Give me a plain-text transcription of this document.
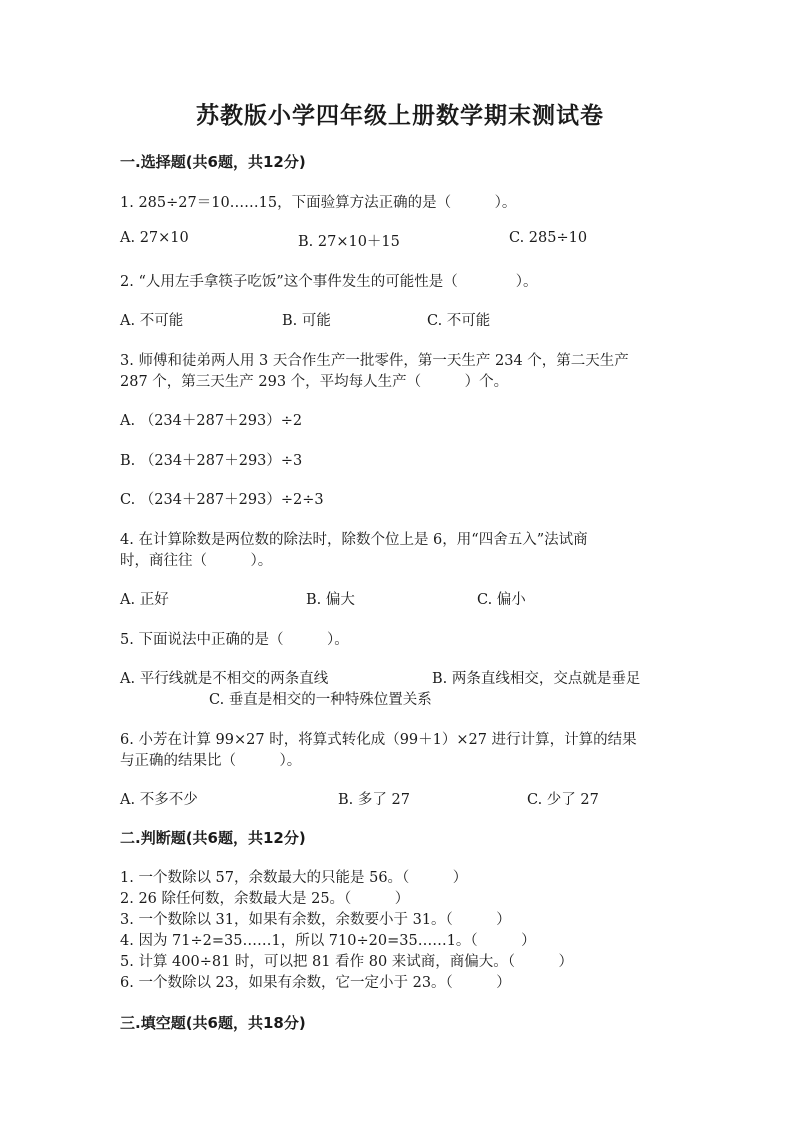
苏教版小学四年级上册数学期末测试卷
一.选择题(共6题，共12分)
1. 285÷27＝10……15，下面验算方法正确的是（　　　）。
A. 27×10	B. 27×10＋15	C. 285÷10
2. “人用左手拿筷子吃饭”这个事件发生的可能性是（　　　　）。
A. 不可能	B. 可能	C. 不可能
3. 师傅和徒弟两人用 3 天合作生产一批零件，第一天生产 234 个，第二天生产
287 个，第三天生产 293 个，平均每人生产（　　　）个。
A. （234＋287＋293）÷2
B. （234＋287＋293）÷3
C. （234＋287＋293）÷2÷3
4. 在计算除数是两位数的除法时，除数个位上是 6，用“四舍五入”法试商
时，商往往（　　　）。
A. 正好	B. 偏大	C. 偏小
5. 下面说法中正确的是（　　　）。
A. 平行线就是不相交的两条直线	B. 两条直线相交，交点就是垂足
C. 垂直是相交的一种特殊位置关系
6. 小芳在计算 99×27 时，将算式转化成（99＋1）×27 进行计算，计算的结果
与正确的结果比（　　　）。
A. 不多不少	B. 多了 27	C. 少了 27
二.判断题(共6题，共12分)
1. 一个数除以 57，余数最大的只能是 56。（　　　）
2. 26 除任何数，余数最大是 25。（　　　）
3. 一个数除以 31，如果有余数，余数要小于 31。（　　　）
4. 因为 71÷2=35……1，所以 710÷20=35……1。（　　　）
5. 计算 400÷81 时，可以把 81 看作 80 来试商，商偏大。（　　　）
6. 一个数除以 23，如果有余数，它一定小于 23。（　　　）
三.填空题(共6题，共18分)
